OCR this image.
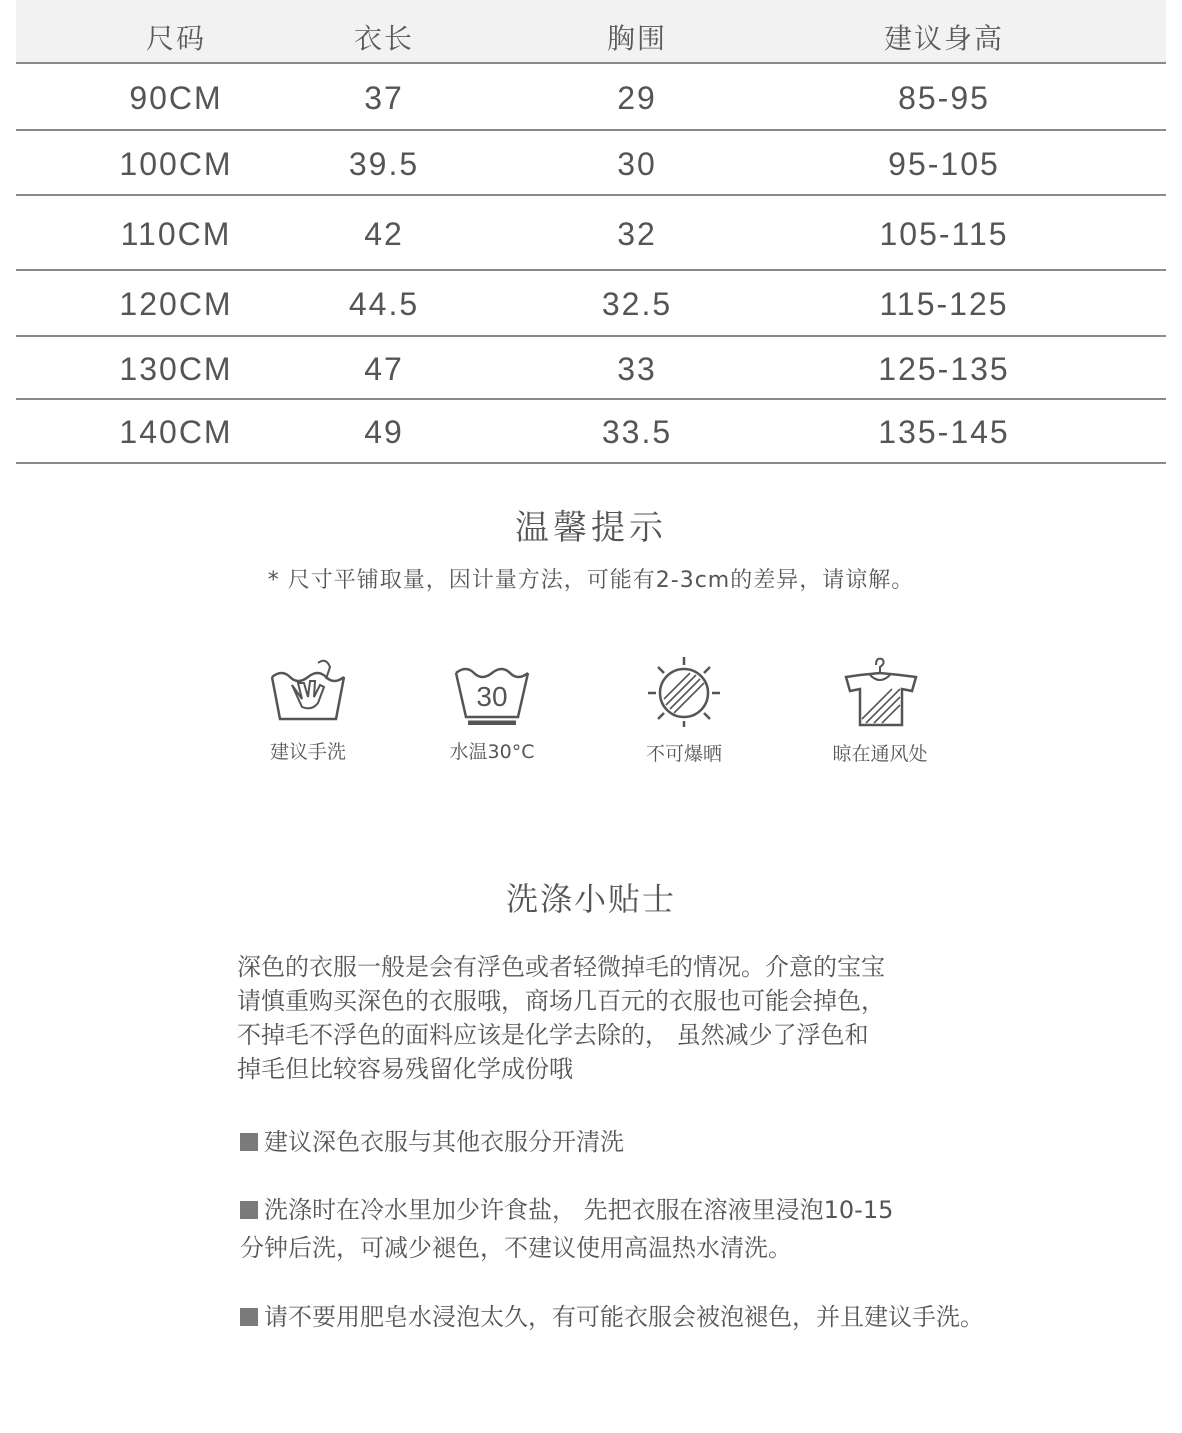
尺码	衣长	胸围	建议身高
90CM	37	29	85-95
100CM	39.5	30	95-105
110CM	42	32	105-115
120CM	44.5	32.5	115-125
130CM	47	33	125-135
140CM	49	33.5	135-145
温馨提示
* 尺寸平铺取量，因计量方法，可能有2-3cm的差异，请谅解。
建议手洗
30
水温30°C	不可爆晒	晾在通风处
洗涤小贴士

深色的衣服一般是会有浮色或者轻微掉毛的情况。介意的宝宝

请慎重购买深色的衣服哦，商场几百元的衣服也可能会掉色，

不掉毛不浮色的面料应该是化学去除的， 虽然减少了浮色和

掉毛但比较容易残留化学成份哦

建议深色衣服与其他衣服分开清洗
洗涤时在冷水里加少许食盐， 先把衣服在溶液里浸泡10-15
分钟后洗，可减少褪色，不建议使用高温热水清洗。
请不要用肥皂水浸泡太久，有可能衣服会被泡褪色，并且建议手洗。
